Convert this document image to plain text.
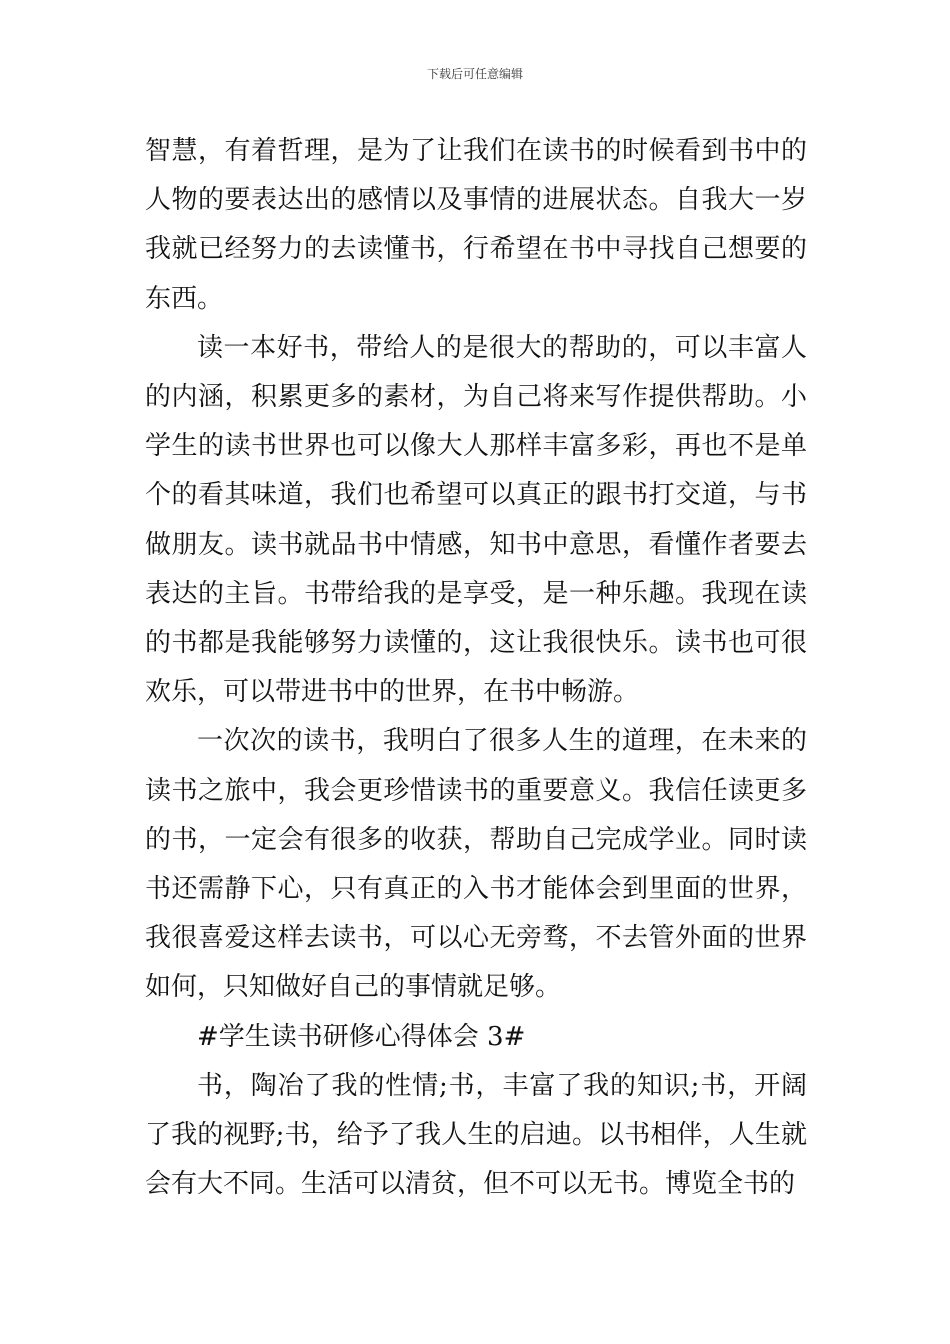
下载后可任意编辑

智慧，有着哲理，是为了让我们在读书的时候看到书中的人物的要表达出的感情以及事情的进展状态。自我大一岁我就已经努力的去读懂书，行希望在书中寻找自己想要的东西。

读一本好书，带给人的是很大的帮助的，可以丰富人的内涵，积累更多的素材，为自己将来写作提供帮助。小学生的读书世界也可以像大人那样丰富多彩，再也不是单个的看其味道，我们也希望可以真正的跟书打交道，与书做朋友。读书就品书中情感，知书中意思，看懂作者要去表达的主旨。书带给我的是享受，是一种乐趣。我现在读的书都是我能够努力读懂的，这让我很快乐。读书也可很欢乐，可以带进书中的世界，在书中畅游。

一次次的读书，我明白了很多人生的道理，在未来的读书之旅中，我会更珍惜读书的重要意义。我信任读更多的书，一定会有很多的收获，帮助自己完成学业。同时读书还需静下心，只有真正的入书才能体会到里面的世界，我很喜爱这样去读书，可以心无旁骛，不去管外面的世界如何，只知做好自己的事情就足够。

#学生读书研修心得体会 3#

书，陶冶了我的性情;书，丰富了我的知识;书，开阔了我的视野;书，给予了我人生的启迪。以书相伴，人生就会有大不同。生活可以清贫，但不可以无书。博览全书的
